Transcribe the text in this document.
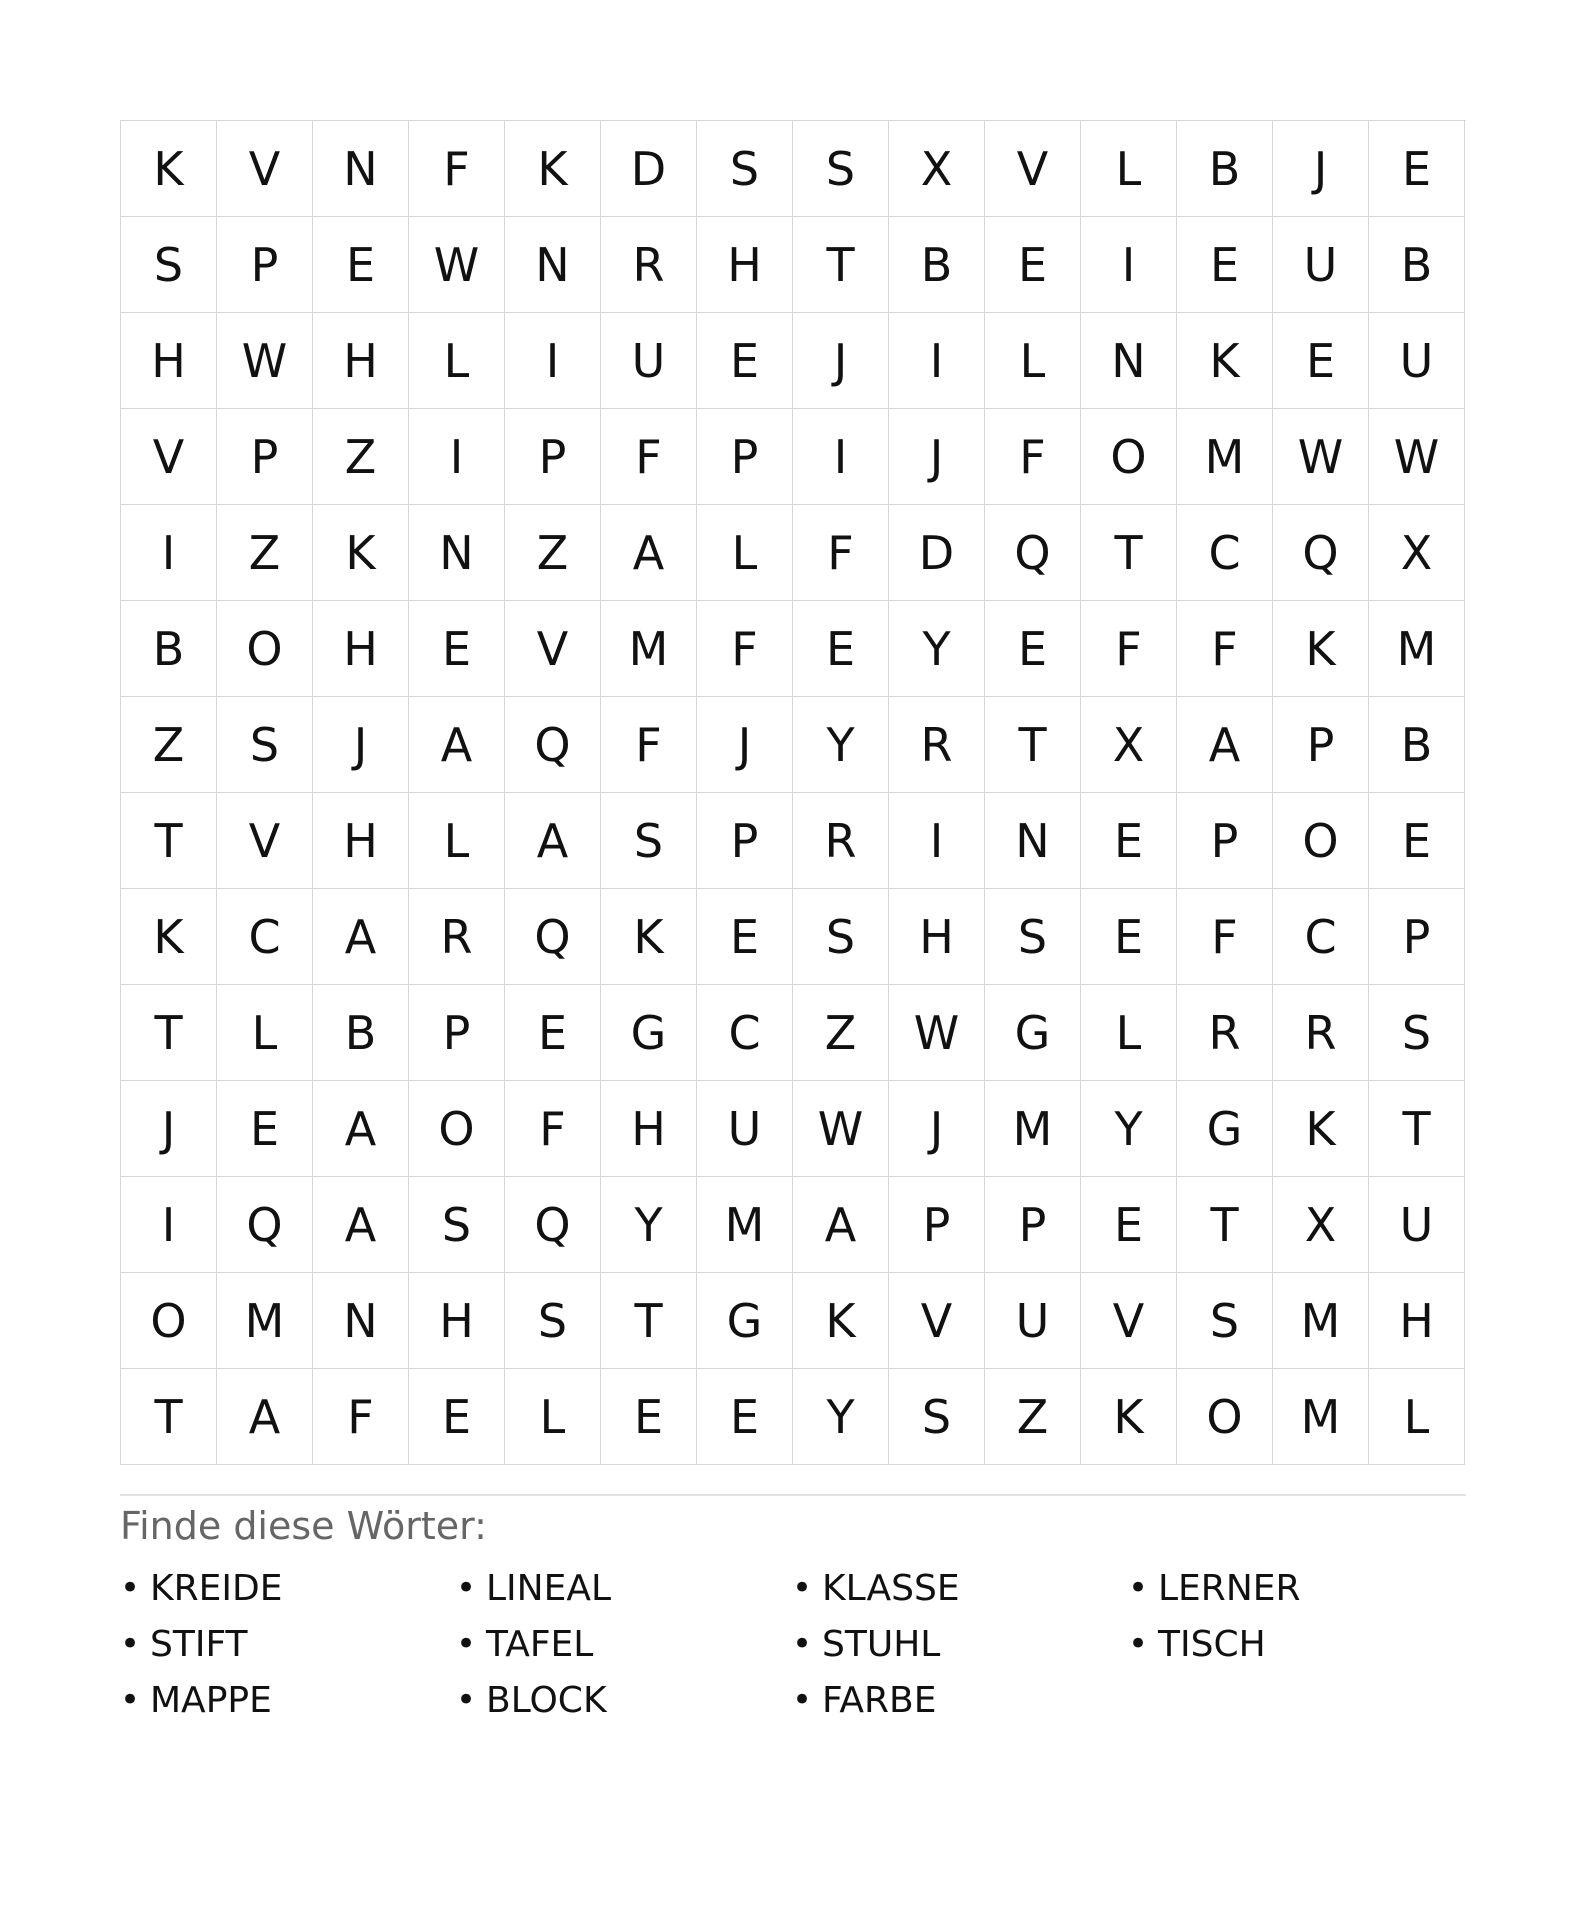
K	V	N	F	K	D	S	S	X	V	L	B	J	E
S	P	E	W	N	R	H	T	B	E	I	E	U	B
H	W	H	L	I	U	E	J	I	L	N	K	E	U
V	P	Z	I	P	F	P	I	J	F	O	M	W	W
I	Z	K	N	Z	A	L	F	D	Q	T	C	Q	X
B	O	H	E	V	M	F	E	Y	E	F	F	K	M
Z	S	J	A	Q	F	J	Y	R	T	X	A	P	B
T	V	H	L	A	S	P	R	I	N	E	P	O	E
K	C	A	R	Q	K	E	S	H	S	E	F	C	P
T	L	B	P	E	G	C	Z	W	G	L	R	R	S
J	E	A	O	F	H	U	W	J	M	Y	G	K	T
I	Q	A	S	Q	Y	M	A	P	P	E	T	X	U
O	M	N	H	S	T	G	K	V	U	V	S	M	H
T	A	F	E	L	E	E	Y	S	Z	K	O	M	L
Finde diese Wörter:
• KREIDE	• LINEAL	• KLASSE	• LERNER
• STIFT	• TAFEL	• STUHL	• TISCH
• MAPPE	• BLOCK	• FARBE
